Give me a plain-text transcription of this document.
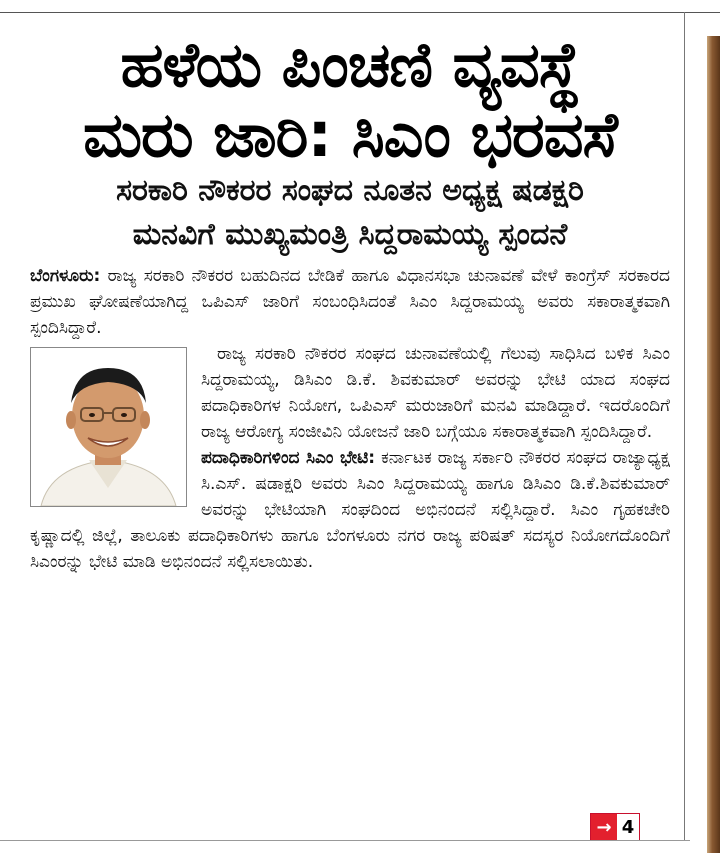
ಹಳೆಯ ಪಿಂಚಣಿ ವ್ಯವಸ್ಥೆ
ಮರು ಜಾರಿ: ಸಿಎಂ ಭರವಸೆ
ಸರಕಾರಿ ನೌಕರರ ಸಂಘದ ನೂತನ ಅಧ್ಯಕ್ಷ ಷಡಕ್ಷರಿ
ಮನವಿಗೆ ಮುಖ್ಯಮಂತ್ರಿ ಸಿದ್ದರಾಮಯ್ಯ ಸ್ಪಂದನೆ

ಬೆಂಗಳೂರು: ರಾಜ್ಯ ಸರಕಾರಿ ನೌಕರರ ಬಹುದಿನದ ಬೇಡಿಕೆ ಹಾಗೂ ವಿಧಾನಸಭಾ ಚುನಾವಣೆ ವೇಳೆ ಕಾಂಗ್ರೆಸ್ ಸರಕಾರದ ಪ್ರಮುಖ ಘೋಷಣೆಯಾಗಿದ್ದ ಒಪಿಎಸ್ ಜಾರಿಗೆ ಸಂಬಂಧಿಸಿದಂತೆ ಸಿಎಂ ಸಿದ್ದರಾಮಯ್ಯ ಅವರು ಸಕಾರಾತ್ಮಕವಾಗಿ ಸ್ಪಂದಿಸಿದ್ದಾರೆ.

ರಾಜ್ಯ ಸರಕಾರಿ ನೌಕರರ ಸಂಘದ ಚುನಾವಣೆಯಲ್ಲಿ ಗೆಲುವು ಸಾಧಿಸಿದ ಬಳಿಕ ಸಿಎಂ ಸಿದ್ದರಾಮಯ್ಯ, ಡಿಸಿಎಂ ಡಿ.ಕೆ. ಶಿವಕುಮಾರ್ ಅವರನ್ನು ಭೇಟಿ ಯಾದ ಸಂಘದ ಪದಾಧಿಕಾರಿಗಳ ನಿಯೋಗ, ಒಪಿಎಸ್ ಮರುಜಾರಿಗೆ ಮನವಿ ಮಾಡಿದ್ದಾರೆ. ಇದರೊಂದಿಗೆ ರಾಜ್ಯ ಆರೋಗ್ಯ ಸಂಜೀವಿನಿ ಯೋಜನೆ ಜಾರಿ ಬಗ್ಗೆಯೂ ಸಕಾರಾತ್ಮಕವಾಗಿ ಸ್ಪಂದಿಸಿದ್ದಾರೆ.

ಪದಾಧಿಕಾರಿಗಳಿಂದ ಸಿಎಂ ಭೇಟಿ: ಕರ್ನಾಟಕ ರಾಜ್ಯ ಸರ್ಕಾರಿ ನೌಕರರ ಸಂಘದ ರಾಜ್ಯಾಧ್ಯಕ್ಷ ಸಿ.ಎಸ್. ಷಡಾಕ್ಷರಿ ಅವರು ಸಿಎಂ ಸಿದ್ದರಾಮಯ್ಯ ಹಾಗೂ ಡಿಸಿಎಂ ಡಿ.ಕೆ.ಶಿವಕುಮಾರ್ ಅವರನ್ನು ಭೇಟಿಯಾಗಿ ಸಂಘದಿಂದ ಅಭಿನಂದನೆ ಸಲ್ಲಿಸಿದ್ದಾರೆ. ಸಿಎಂ ಗೃಹಕಚೇರಿ ಕೃಷ್ಣಾದಲ್ಲಿ ಜಿಲ್ಲೆ, ತಾಲೂಕು ಪದಾಧಿಕಾರಿಗಳು ಹಾಗೂ ಬೆಂಗಳೂರು ನಗರ ರಾಜ್ಯ ಪರಿಷತ್ ಸದಸ್ಯರ ನಿಯೋಗದೊಂದಿಗೆ ಸಿಎಂರನ್ನು ಭೇಟಿ ಮಾಡಿ ಅಭಿನಂದನೆ ಸಲ್ಲಿಸಲಾಯಿತು.

→ 4
